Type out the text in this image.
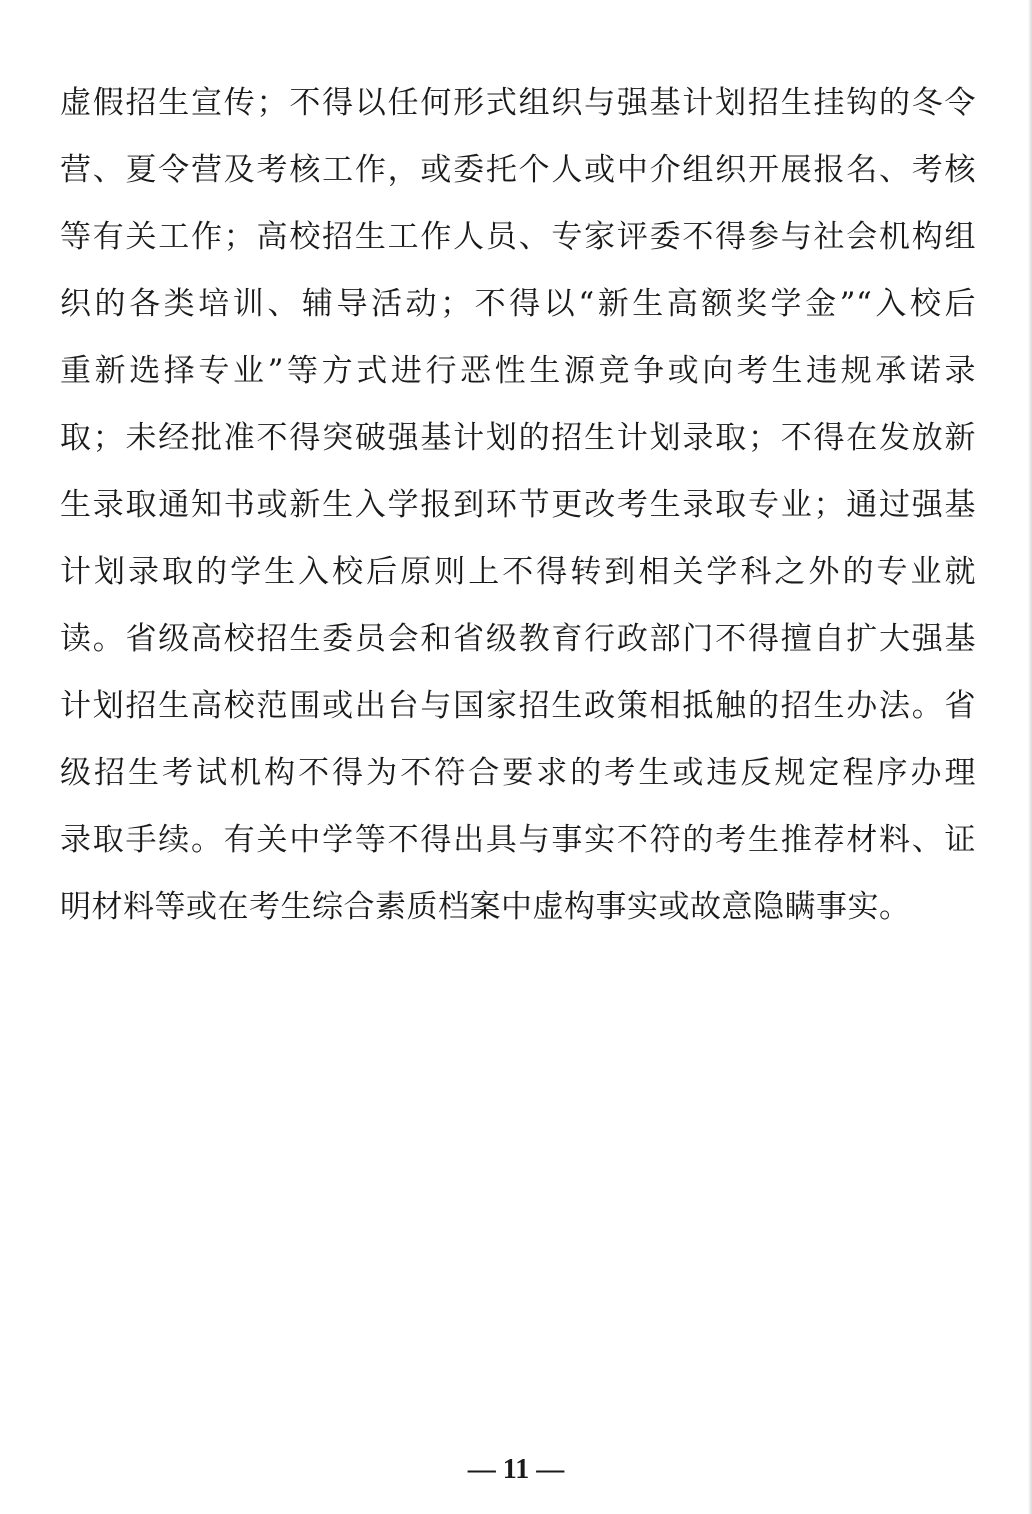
虚假招生宣传；不得以任何形式组织与强基计划招生挂钩的冬令
营、夏令营及考核工作，或委托个人或中介组织开展报名、考核
等有关工作；高校招生工作人员、专家评委不得参与社会机构组
织的各类培训、辅导活动；不得以“新生高额奖学金”“入校后
重新选择专业”等方式进行恶性生源竞争或向考生违规承诺录
取；未经批准不得突破强基计划的招生计划录取；不得在发放新
生录取通知书或新生入学报到环节更改考生录取专业；通过强基
计划录取的学生入校后原则上不得转到相关学科之外的专业就
读。省级高校招生委员会和省级教育行政部门不得擅自扩大强基
计划招生高校范围或出台与国家招生政策相抵触的招生办法。省
级招生考试机构不得为不符合要求的考生或违反规定程序办理
录取手续。有关中学等不得出具与事实不符的考生推荐材料、证
明材料等或在考生综合素质档案中虚构事实或故意隐瞒事实。
— 11 —
